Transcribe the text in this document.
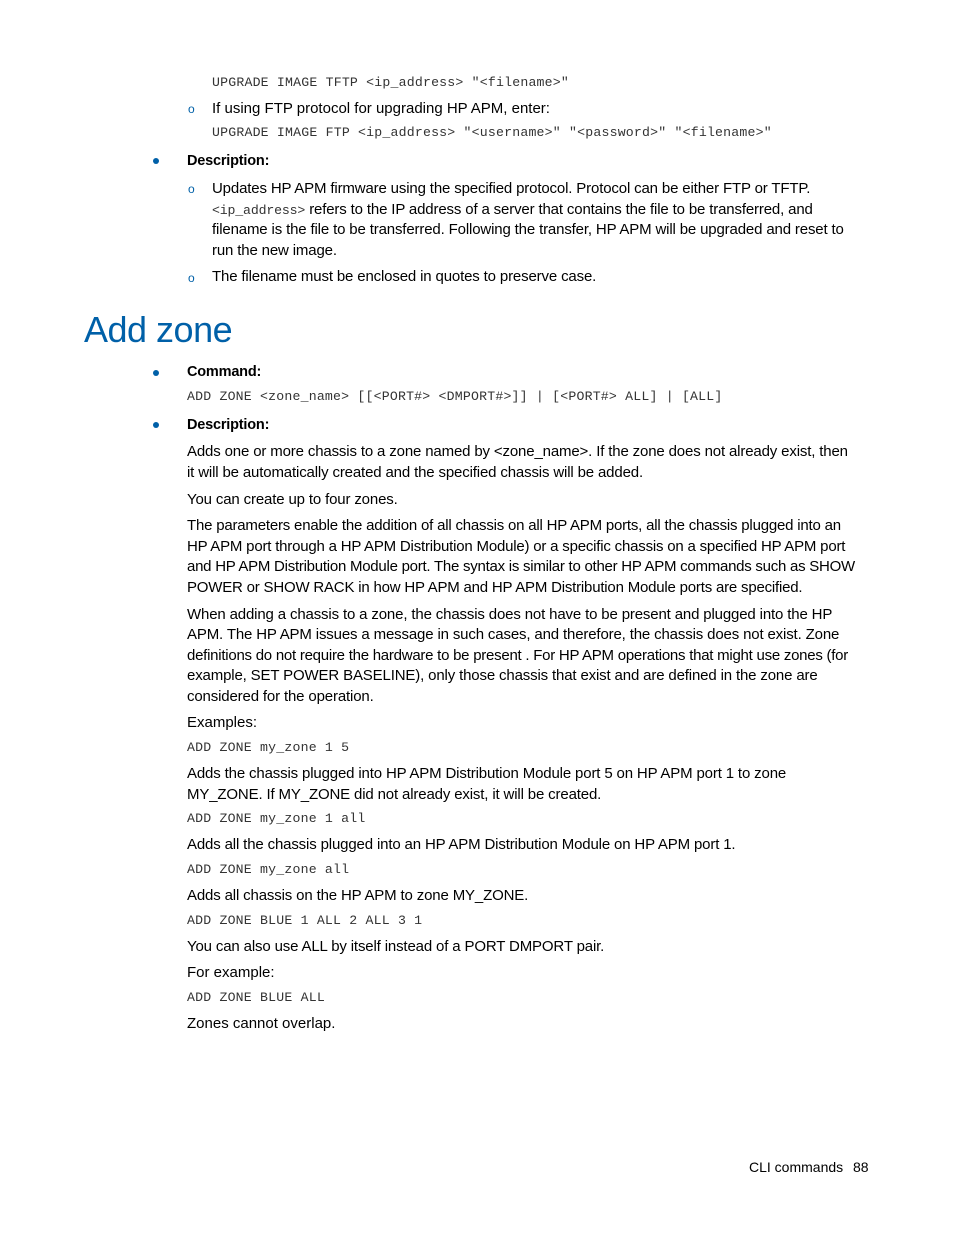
UPGRADE IMAGE TFTP <ip_address> "<filename>"
o If using FTP protocol for upgrading HP APM, enter:
UPGRADE IMAGE FTP <ip_address> "<username>" "<password>" "<filename>"
Description:
o Updates HP APM firmware using the specified protocol. Protocol can be either FTP or TFTP.
<ip_address> refers to the IP address of a server that contains the file to be transferred, and
filename is the file to be transferred. Following the transfer, HP APM will be upgraded and reset to
run the new image.
o The filename must be enclosed in quotes to preserve case.
Add zone
Command:
ADD ZONE <zone_name> [[<PORT#> <DMPORT#>]] | [<PORT#> ALL] | [ALL]
Description:
Adds one or more chassis to a zone named by <zone_name>. If the zone does not already exist, then
it will be automatically created and the specified chassis will be added.
You can create up to four zones.
The parameters enable the addition of all chassis on all HP APM ports, all the chassis plugged into an
HP APM port through a HP APM Distribution Module) or a specific chassis on a specified HP APM port
and HP APM Distribution Module port. The syntax is similar to other HP APM commands such as SHOW
POWER or SHOW RACK in how HP APM and HP APM Distribution Module ports are specified.
When adding a chassis to a zone, the chassis does not have to be present and plugged into the HP
APM. The HP APM issues a message in such cases, and therefore, the chassis does not exist. Zone
definitions do not require the hardware to be present . For HP APM operations that might use zones (for
example, SET POWER BASELINE), only those chassis that exist and are defined in the zone are
considered for the operation.
Examples:
ADD ZONE my_zone 1 5
Adds the chassis plugged into HP APM Distribution Module port 5 on HP APM port 1 to zone
MY_ZONE. If MY_ZONE did not already exist, it will be created.
ADD ZONE my_zone 1 all
Adds all the chassis plugged into an HP APM Distribution Module on HP APM port 1.
ADD ZONE my_zone all
Adds all chassis on the HP APM to zone MY_ZONE.
ADD ZONE BLUE 1 ALL 2 ALL 3 1
You can also use ALL by itself instead of a PORT DMPORT pair.
For example:
ADD ZONE BLUE ALL
Zones cannot overlap.
CLI commands 88
